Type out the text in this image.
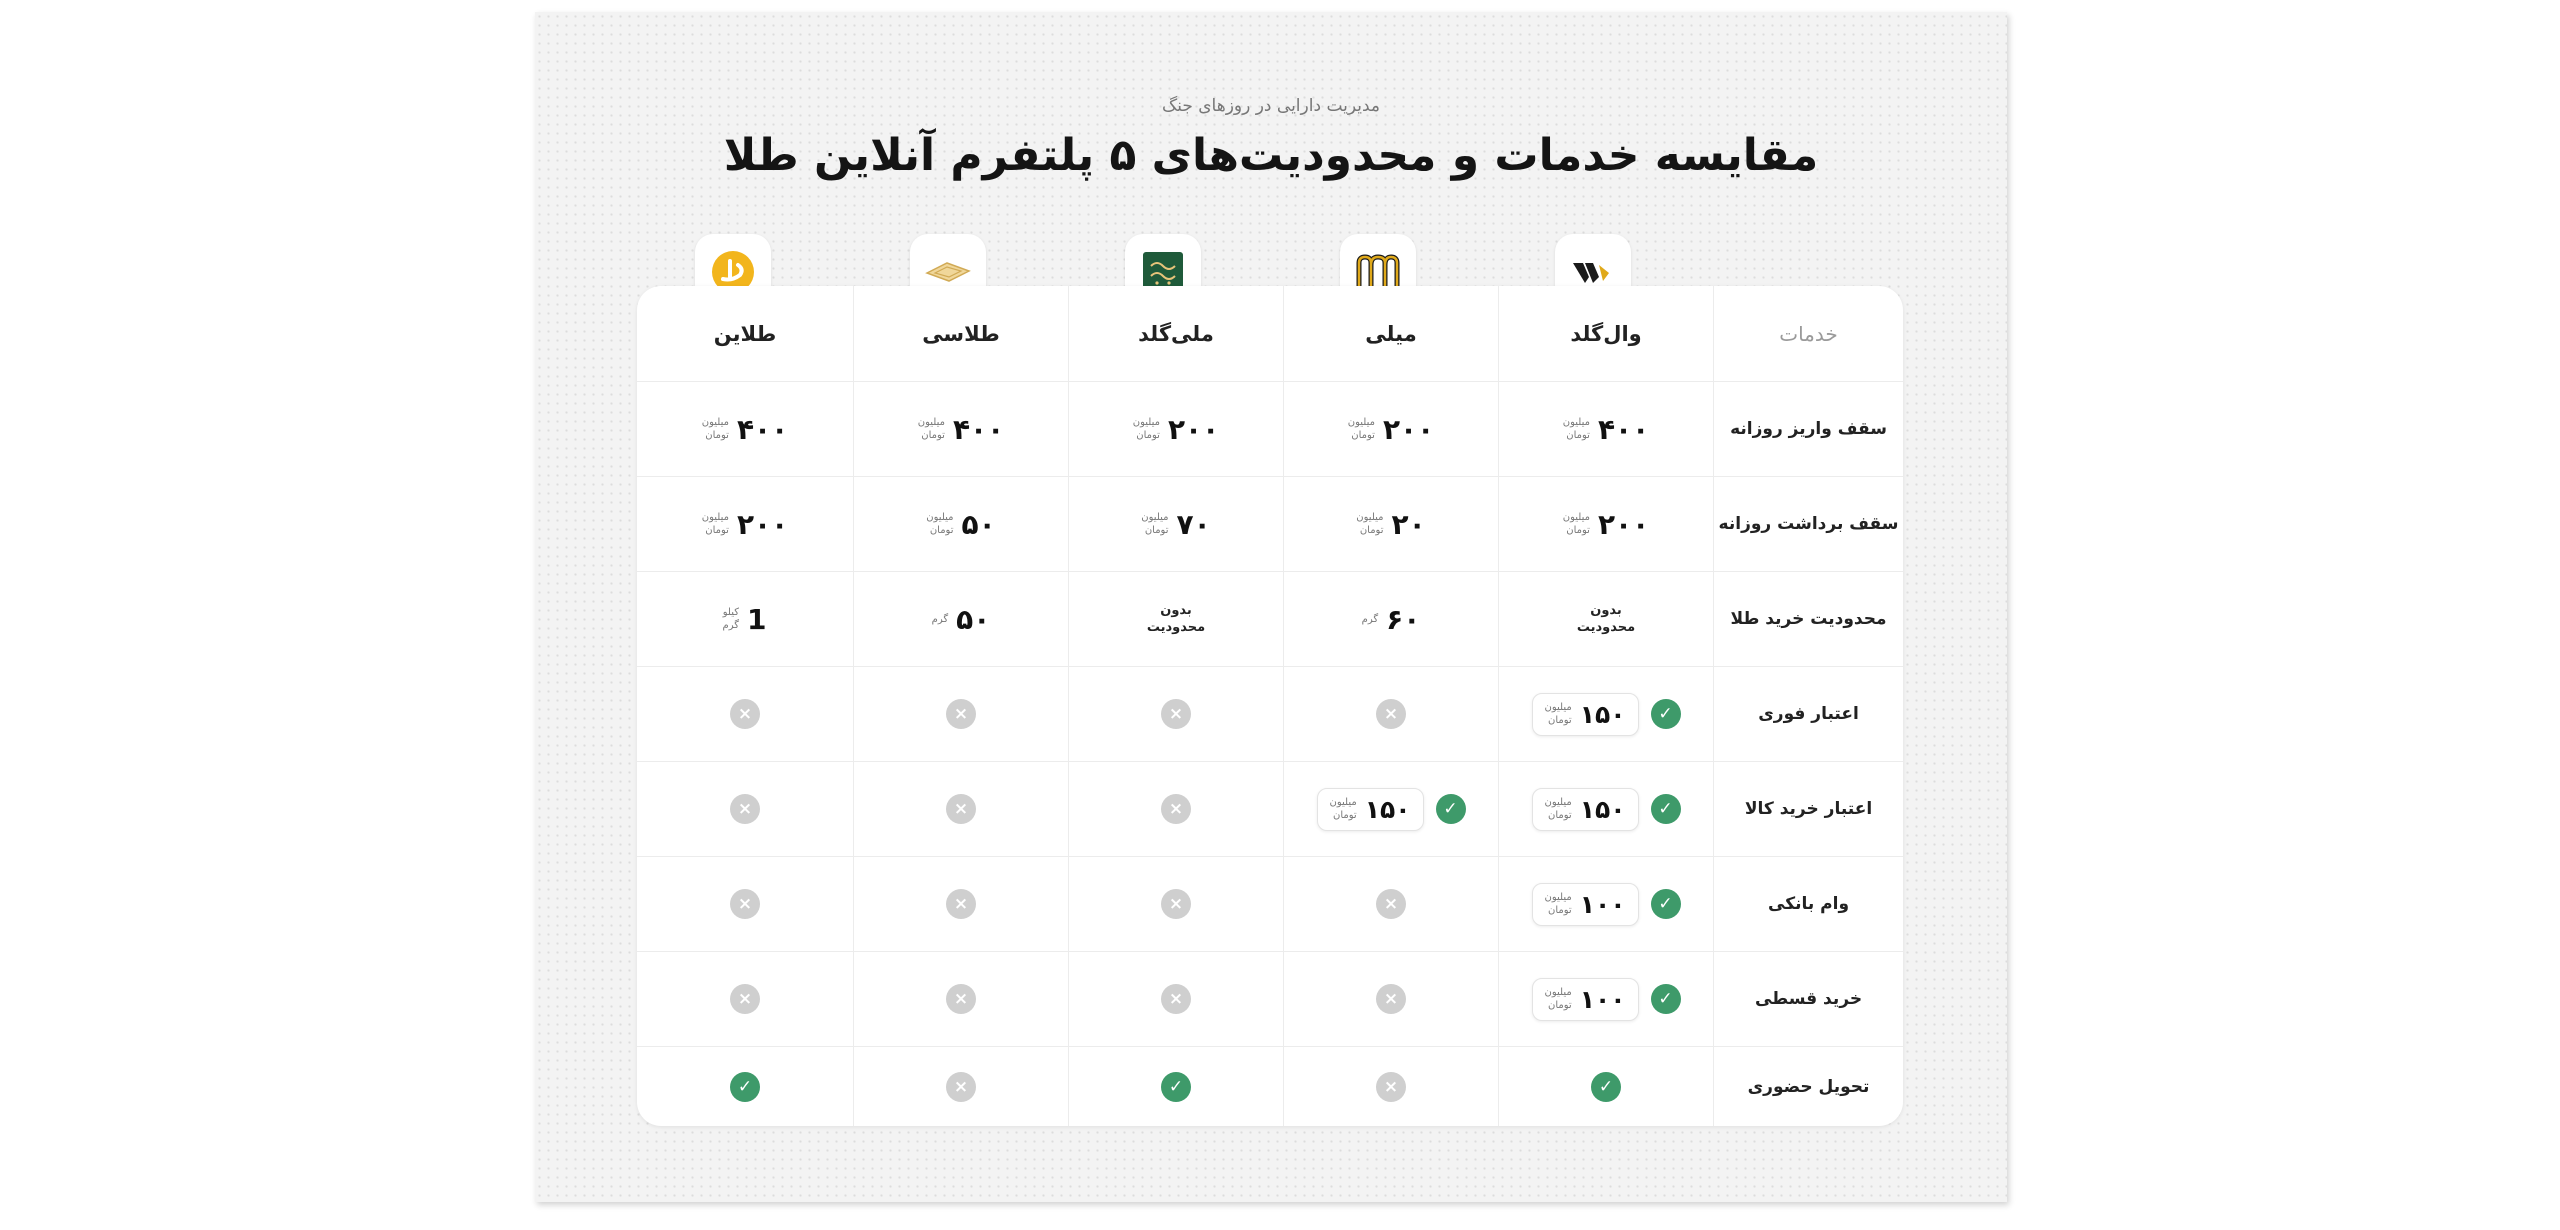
مدیریت دارایی در روزهای جنگ
مقایسه خدمات و محدودیت‌های ۵ پلتفرم آنلاین طلا
خدمات
وال‌گلد
میلی
ملی‌گلد
طلاسی
طلاین
سقف واریز روزانه
۴۰۰
میلیون
تومان
۲۰۰
میلیون
تومان
۲۰۰
میلیون
تومان
۴۰۰
میلیون
تومان
۴۰۰
میلیون
تومان
سقف برداشت روزانه
۲۰۰
میلیون
تومان
۲۰
میلیون
تومان
۷۰
میلیون
تومان
۵۰
میلیون
تومان
۲۰۰
میلیون
تومان
محدودیت خرید طلا
بدون
محدودیت
۶۰
گرم
بدون
محدودیت
۵۰
گرم
1
کیلو
گرم
اعتبار فوری
✓
۱۵۰
میلیون
تومان
×
×
×
×
اعتبار خرید کالا
✓
۱۵۰
میلیون
تومان
✓
۱۵۰
میلیون
تومان
×
×
×
وام بانکی
✓
۱۰۰
میلیون
تومان
×
×
×
×
خرید قسطی
✓
۱۰۰
میلیون
تومان
×
×
×
×
تحویل حضوری
✓
×
✓
×
✓
